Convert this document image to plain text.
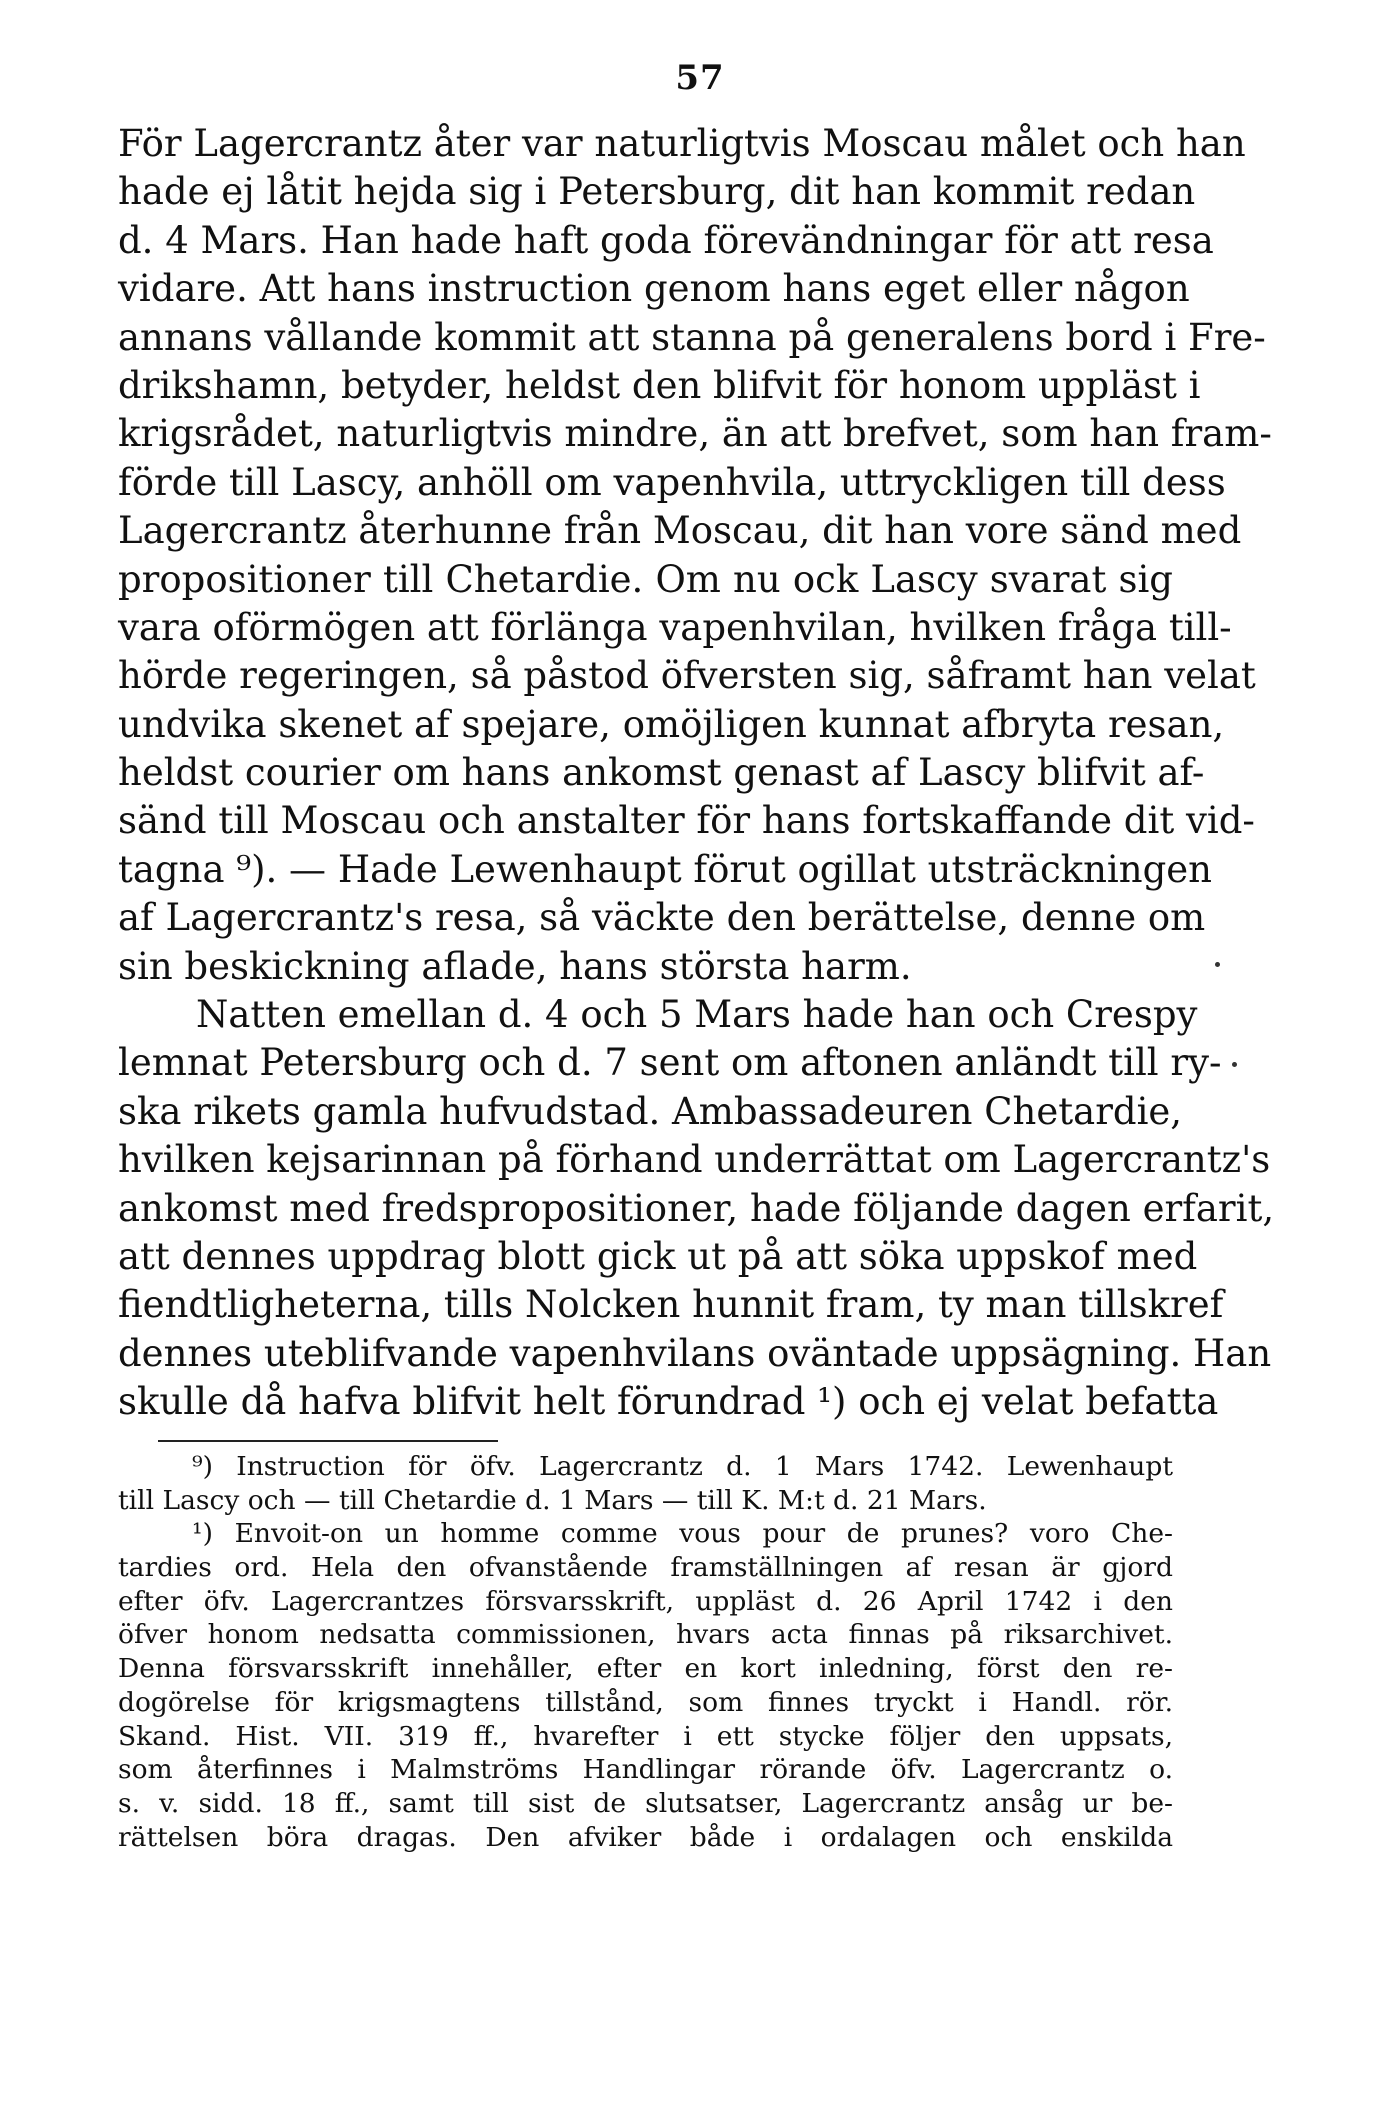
57
För Lagercrantz åter var naturligtvis Moscau målet och han
hade ej låtit hejda sig i Petersburg, dit han kommit redan
d. 4 Mars. Han hade haft goda förevändningar för att resa
vidare. Att hans instruction genom hans eget eller någon
annans vållande kommit att stanna på generalens bord i Fre-
drikshamn, betyder, heldst den blifvit för honom uppläst i
krigsrådet, naturligtvis mindre, än att brefvet, som han fram-
förde till Lascy, anhöll om vapenhvila, uttryckligen till dess
Lagercrantz återhunne från Moscau, dit han vore sänd med
propositioner till Chetardie. Om nu ock Lascy svarat sig
vara oförmögen att förlänga vapenhvilan, hvilken fråga till-
hörde regeringen, så påstod öfversten sig, såframt han velat
undvika skenet af spejare, omöjligen kunnat afbryta resan,
heldst courier om hans ankomst genast af Lascy blifvit af-
sänd till Moscau och anstalter för hans fortskaffande dit vid-
tagna ⁹). — Hade Lewenhaupt förut ogillat utsträckningen
af Lagercrantz's resa, så väckte den berättelse, denne om
sin beskickning aflade, hans största harm.
Natten emellan d. 4 och 5 Mars hade han och Crespy
lemnat Petersburg och d. 7 sent om aftonen anländt till ry-
ska rikets gamla hufvudstad. Ambassadeuren Chetardie,
hvilken kejsarinnan på förhand underrättat om Lagercrantz's
ankomst med fredspropositioner, hade följande dagen erfarit,
att dennes uppdrag blott gick ut på att söka uppskof med
fiendtligheterna, tills Nolcken hunnit fram, ty man tillskref
dennes uteblifvande vapenhvilans oväntade uppsägning. Han
skulle då hafva blifvit helt förundrad ¹) och ej velat befatta
⁹) Instruction för öfv. Lagercrantz d. 1 Mars 1742. Lewenhaupt
till Lascy och — till Chetardie d. 1 Mars — till K. M:t d. 21 Mars.
¹) Envoit-on un homme comme vous pour de prunes? voro Che-
tardies ord. Hela den ofvanstående framställningen af resan är gjord
efter öfv. Lagercrantzes försvarsskrift, uppläst d. 26 April 1742 i den
öfver honom nedsatta commissionen, hvars acta finnas på riksarchivet.
Denna försvarsskrift innehåller, efter en kort inledning, först den re-
dogörelse för krigsmagtens tillstånd, som finnes tryckt i Handl. rör.
Skand. Hist. VII. 319 ff., hvarefter i ett stycke följer den uppsats,
som återfinnes i Malmströms Handlingar rörande öfv. Lagercrantz o.
s. v. sidd. 18 ff., samt till sist de slutsatser, Lagercrantz ansåg ur be-
rättelsen böra dragas. Den afviker både i ordalagen och enskilda
